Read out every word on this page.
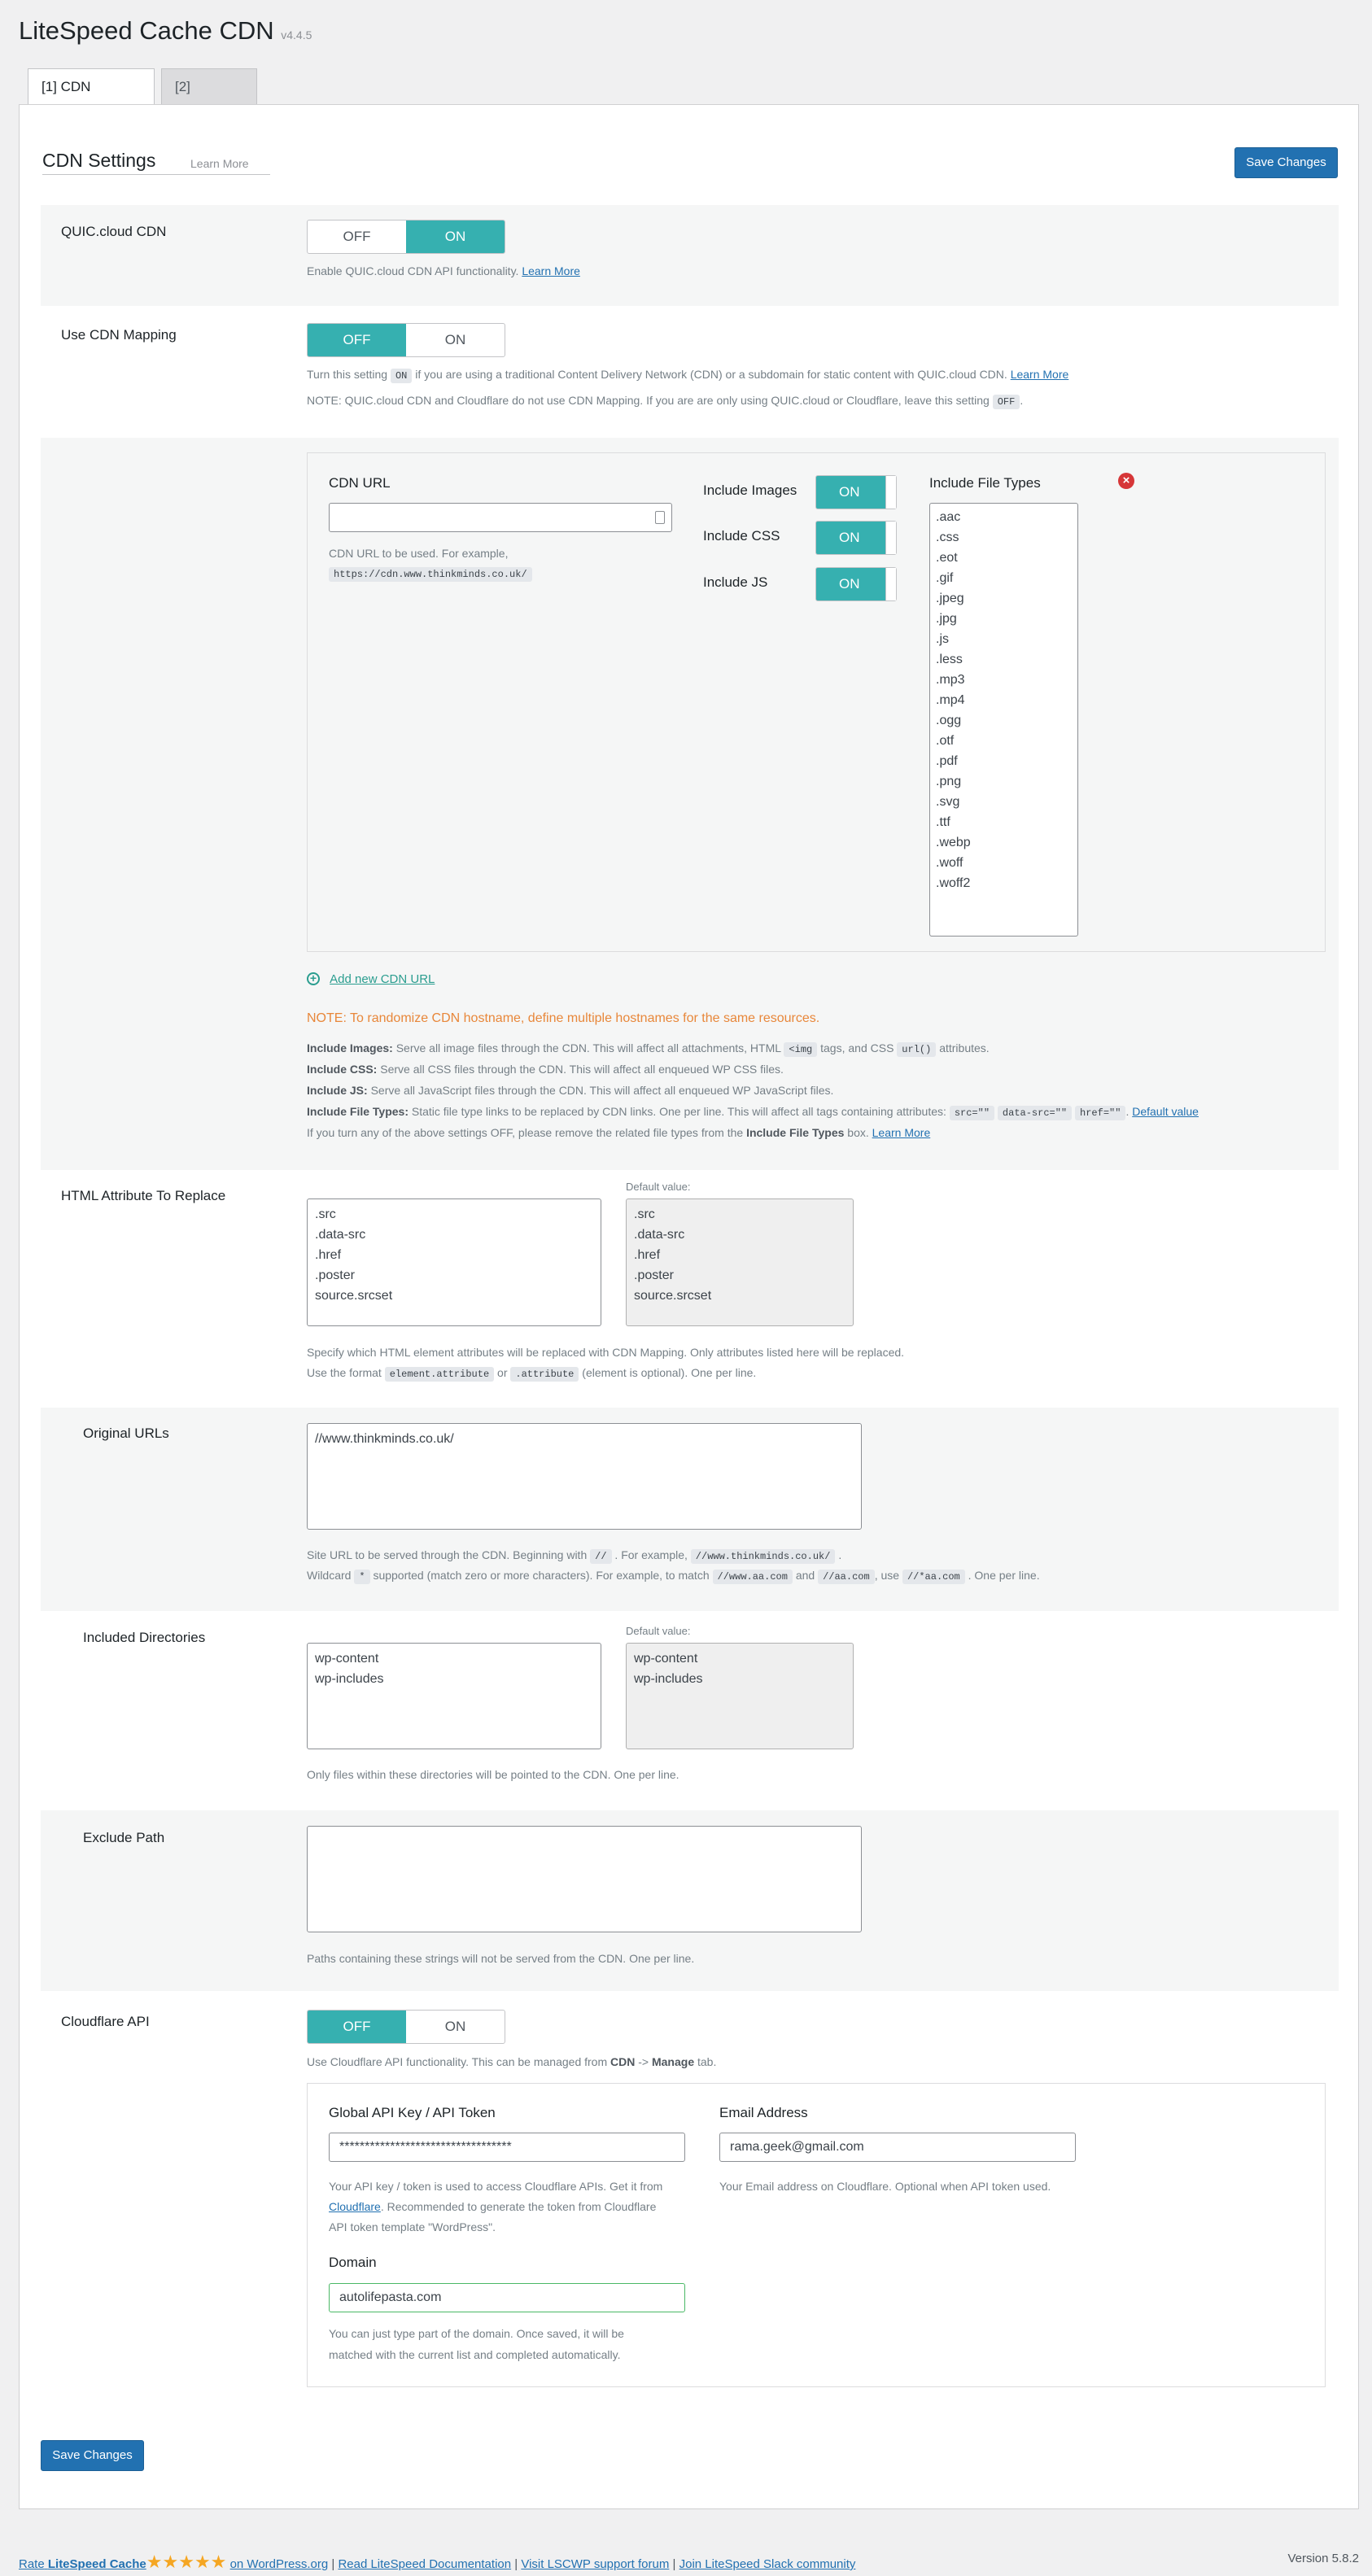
LiteSpeed Cache CDN v4.4.5
[1] CDN	[2]
CDN Settings	Learn More	Save Changes
QUIC.cloud CDN	OFF	ON
Enable QUIC.cloud CDN API functionality. Learn More
Use CDN Mapping	OFF	ON
Turn this setting ON if you are using a traditional Content Delivery Network (CDN) or a subdomain for static content with QUIC.cloud CDN. Learn More
NOTE: QUIC.cloud CDN and Cloudflare do not use CDN Mapping. If you are are only using QUIC.cloud or Cloudflare, leave this setting OFF .
CDN URL
CDN URL to be used. For example,
https://cdn.www.thinkminds.co.uk/
Include Images	ON
Include CSS	ON
Include JS	ON
Include File Types
.aac
.css
.eot
.gif
.jpeg
.jpg
.js
.less
.mp3
.mp4
.ogg
.otf
.pdf
.png
.svg
.ttf
.webp
.woff
.woff2
×
+ Add new CDN URL
NOTE: To randomize CDN hostname, define multiple hostnames for the same resources.
Include Images: Serve all image files through the CDN. This will affect all attachments, HTML <img tags, and CSS url() attributes.
Include CSS: Serve all CSS files through the CDN. This will affect all enqueued WP CSS files.
Include JS: Serve all JavaScript files through the CDN. This will affect all enqueued WP JavaScript files.
Include File Types: Static file type links to be replaced by CDN links. One per line. This will affect all tags containing attributes: src="" data-src="" href="" . Default value
If you turn any of the above settings OFF, please remove the related file types from the Include File Types box. Learn More
HTML Attribute To Replace
.src
.data-src
.href
.poster
source.srcset
Default value:
.src
.data-src
.href
.poster
source.srcset
Specify which HTML element attributes will be replaced with CDN Mapping. Only attributes listed here will be replaced.
Use the format element.attribute or .attribute (element is optional). One per line.
Original URLs	//www.thinkminds.co.uk/
Site URL to be served through the CDN. Beginning with // . For example, //www.thinkminds.co.uk/ .
Wildcard * supported (match zero or more characters). For example, to match //www.aa.com and //aa.com , use //*aa.com . One per line.
Included Directories
wp-content
wp-includes
Default value:
wp-content
wp-includes
Only files within these directories will be pointed to the CDN. One per line.
Exclude Path
Paths containing these strings will not be served from the CDN. One per line.
Cloudflare API	OFF	ON
Use Cloudflare API functionality. This can be managed from CDN -> Manage tab.
Global API Key / API Token
**********************************
Your API key / token is used to access Cloudflare APIs. Get it from
Cloudflare. Recommended to generate the token from Cloudflare
API token template "WordPress".
Email Address
rama.geek@gmail.com
Your Email address on Cloudflare. Optional when API token used.
Domain
autolifepasta.com
You can just type part of the domain. Once saved, it will be
matched with the current list and completed automatically.
Save Changes
Rate LiteSpeed Cache★★★★★ on WordPress.org | Read LiteSpeed Documentation | Visit LSCWP support forum | Join LiteSpeed Slack community	Version 5.8.2
